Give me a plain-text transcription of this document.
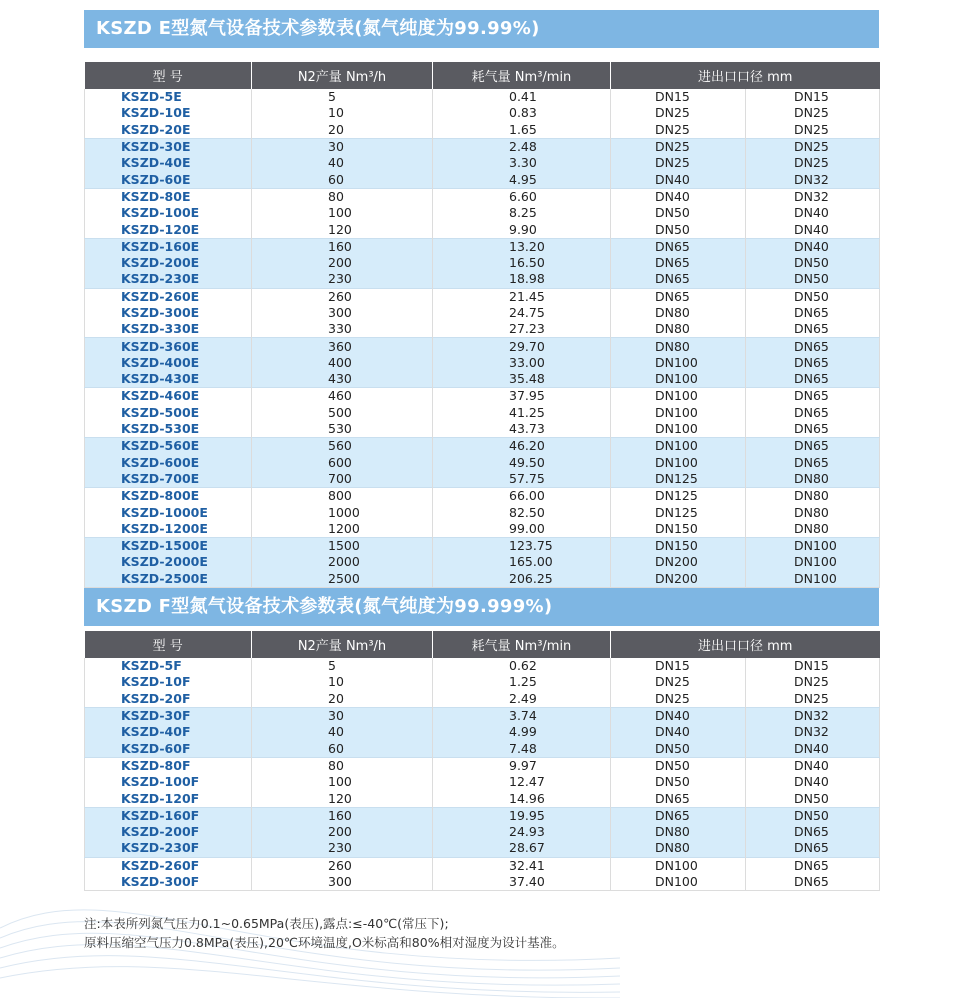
KSZD E型氮气设备技术参数表(氮气纯度为99.99%)
型 号	N2产量 Nm³/h	耗气量 Nm³/min	进出口口径 mm	
KSZD-5E	5	0.41	DN15	DN15
KSZD-10E	10	0.83	DN25	DN25
KSZD-20E	20	1.65	DN25	DN25
KSZD-30E	30	2.48	DN25	DN25
KSZD-40E	40	3.30	DN25	DN25
KSZD-60E	60	4.95	DN40	DN32
KSZD-80E	80	6.60	DN40	DN32
KSZD-100E	100	8.25	DN50	DN40
KSZD-120E	120	9.90	DN50	DN40
KSZD-160E	160	13.20	DN65	DN40
KSZD-200E	200	16.50	DN65	DN50
KSZD-230E	230	18.98	DN65	DN50
KSZD-260E	260	21.45	DN65	DN50
KSZD-300E	300	24.75	DN80	DN65
KSZD-330E	330	27.23	DN80	DN65
KSZD-360E	360	29.70	DN80	DN65
KSZD-400E	400	33.00	DN100	DN65
KSZD-430E	430	35.48	DN100	DN65
KSZD-460E	460	37.95	DN100	DN65
KSZD-500E	500	41.25	DN100	DN65
KSZD-530E	530	43.73	DN100	DN65
KSZD-560E	560	46.20	DN100	DN65
KSZD-600E	600	49.50	DN100	DN65
KSZD-700E	700	57.75	DN125	DN80
KSZD-800E	800	66.00	DN125	DN80
KSZD-1000E	1000	82.50	DN125	DN80
KSZD-1200E	1200	99.00	DN150	DN80
KSZD-1500E	1500	123.75	DN150	DN100
KSZD-2000E	2000	165.00	DN200	DN100
KSZD-2500E	2500	206.25	DN200	DN100
KSZD F型氮气设备技术参数表(氮气纯度为99.999%)
型 号	N2产量 Nm³/h	耗气量 Nm³/min	进出口口径 mm	
KSZD-5F	5	0.62	DN15	DN15
KSZD-10F	10	1.25	DN25	DN25
KSZD-20F	20	2.49	DN25	DN25
KSZD-30F	30	3.74	DN40	DN32
KSZD-40F	40	4.99	DN40	DN32
KSZD-60F	60	7.48	DN50	DN40
KSZD-80F	80	9.97	DN50	DN40
KSZD-100F	100	12.47	DN50	DN40
KSZD-120F	120	14.96	DN65	DN50
KSZD-160F	160	19.95	DN65	DN50
KSZD-200F	200	24.93	DN80	DN65
KSZD-230F	230	28.67	DN80	DN65
KSZD-260F	260	32.41	DN100	DN65
KSZD-300F	300	37.40	DN100	DN65
注:本表所列氮气压力0.1~0.65MPa(表压),露点:≤-40℃(常压下);
原料压缩空气压力0.8MPa(表压),20℃环境温度,O米标高和80%相对湿度为设计基准。
